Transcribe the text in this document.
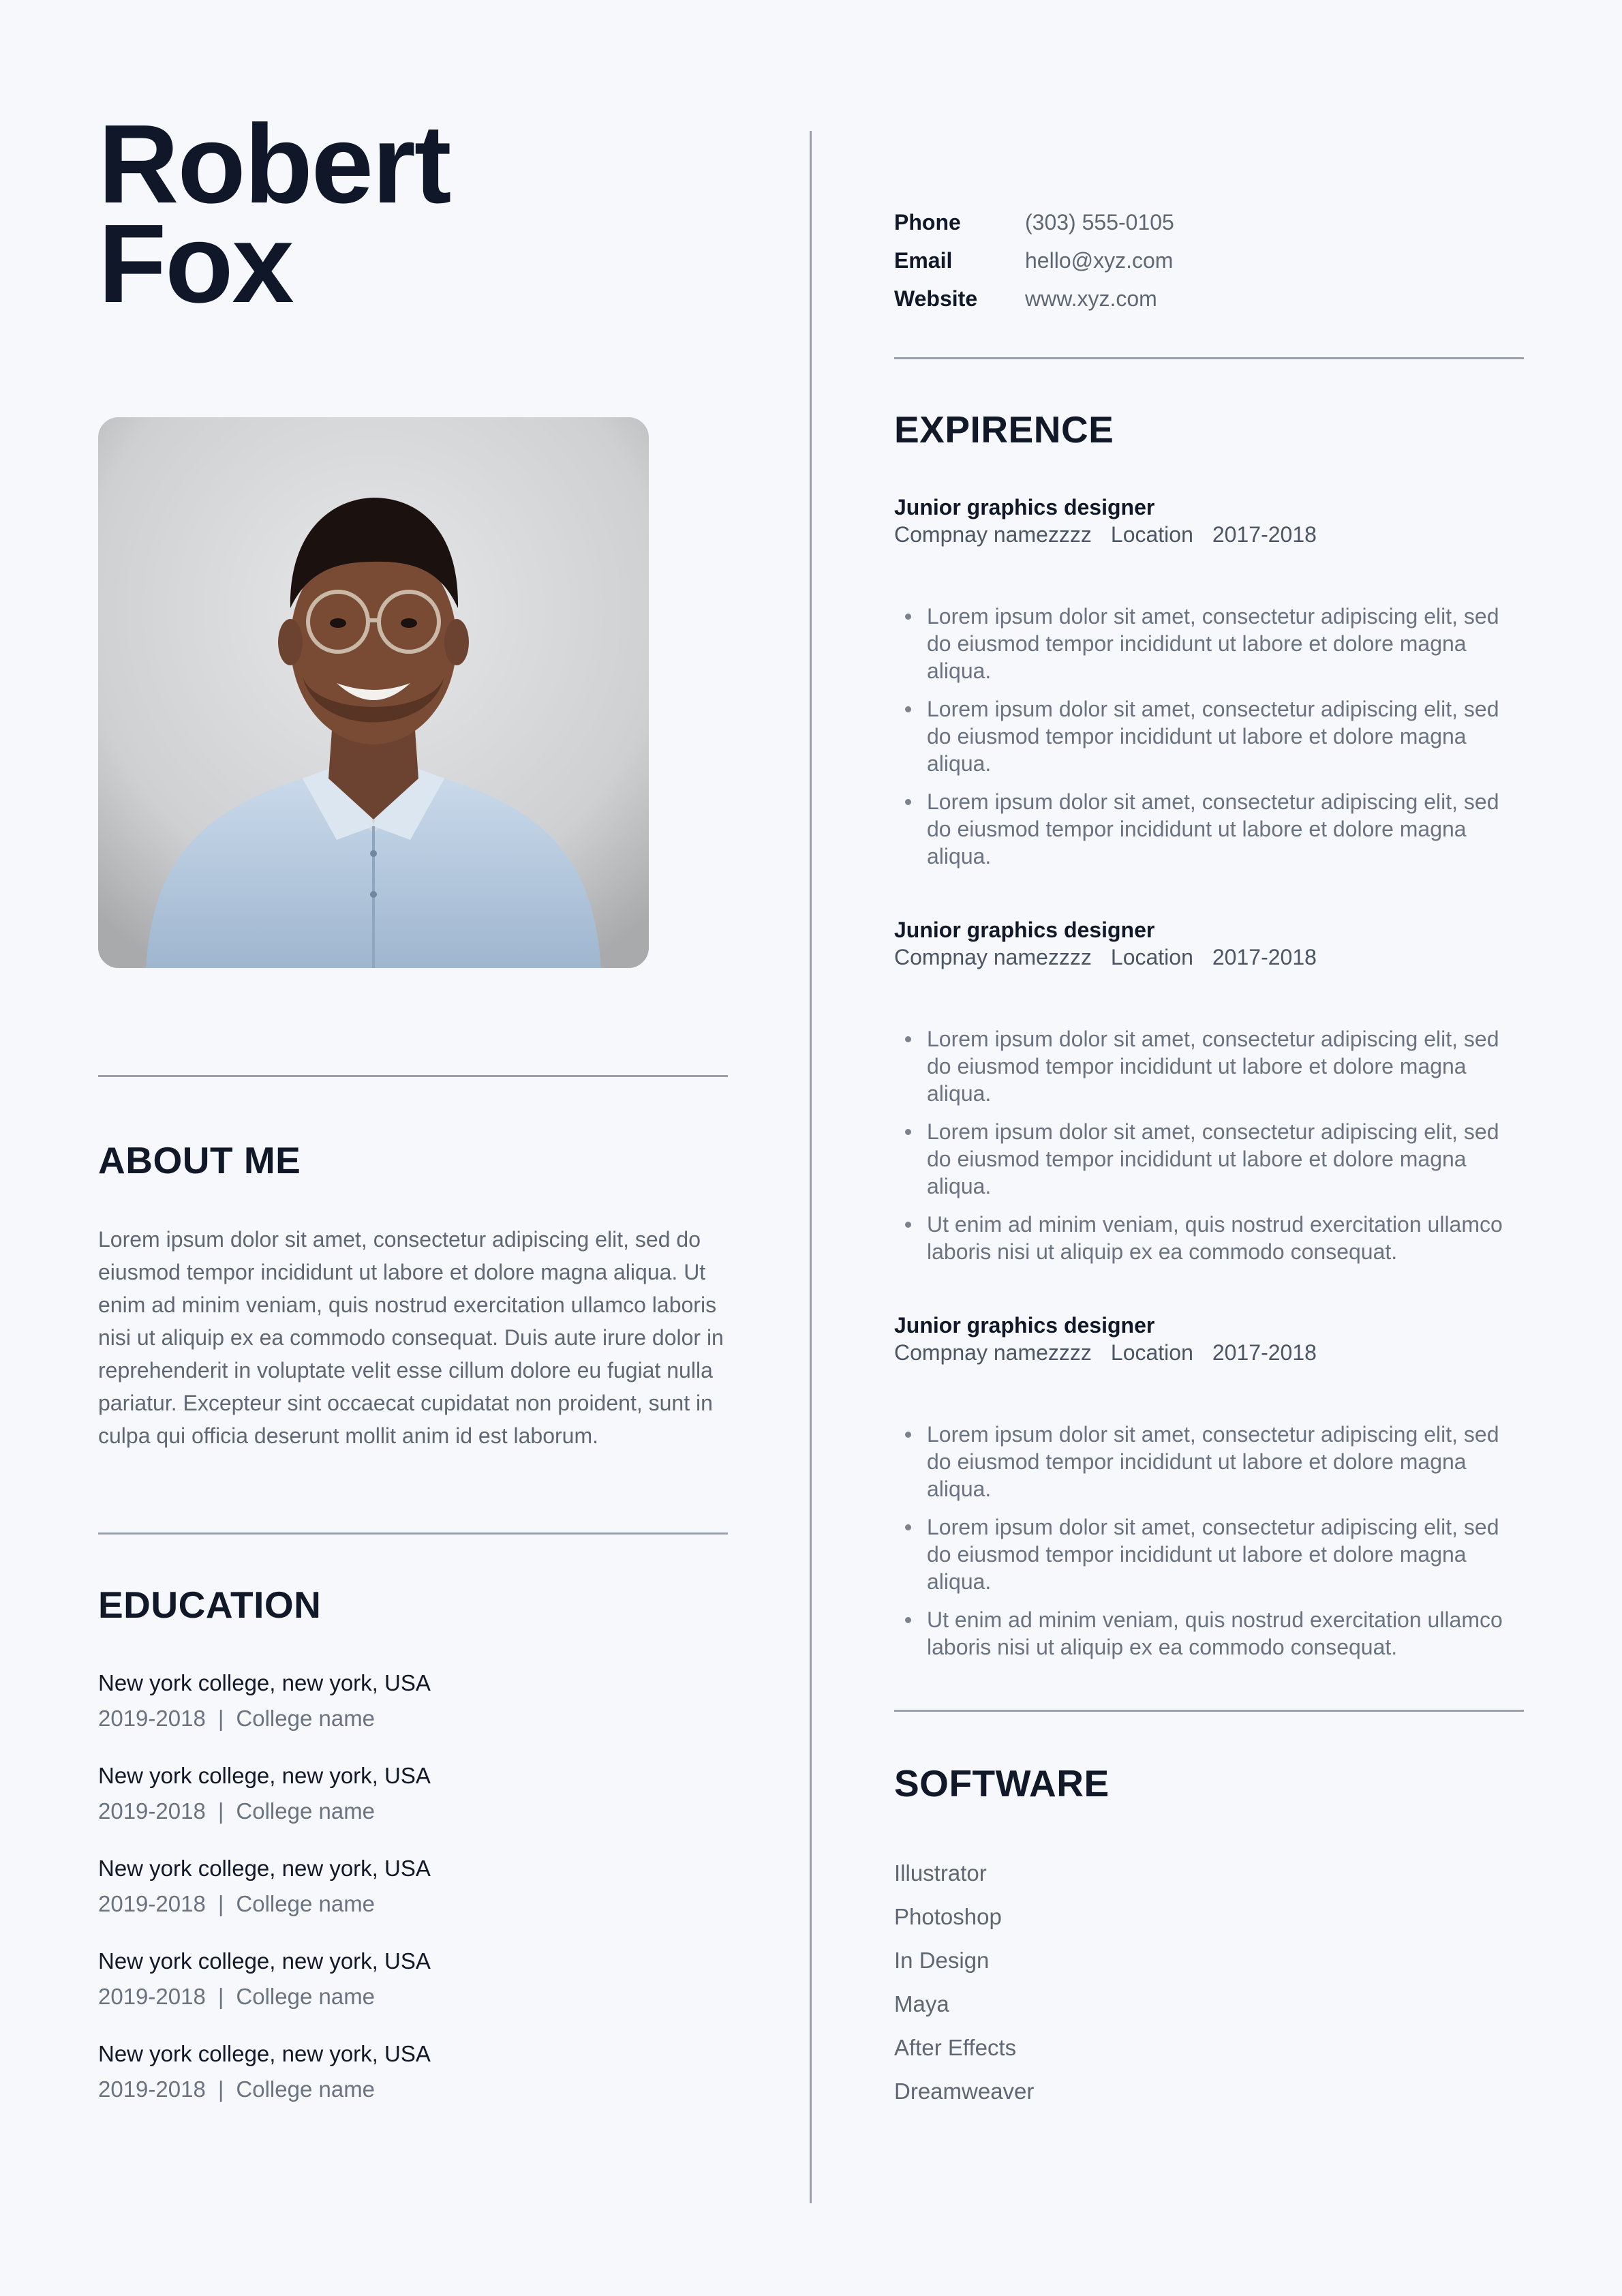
Robert
Fox
ABOUT ME

Lorem ipsum dolor sit amet, consectetur adipiscing elit, sed do eiusmod tempor incididunt ut labore et dolore magna aliqua. Ut enim ad minim veniam, quis nostrud exercitation ullamco laboris nisi ut aliquip ex ea commodo consequat. Duis aute irure dolor in reprehenderit in voluptate velit esse cillum dolore eu fugiat nulla pariatur. Excepteur sint occaecat cupidatat non proident, sunt in culpa qui officia deserunt mollit anim id est laborum.

EDUCATION
New york college, new york, USA
2019-2018 | College name
New york college, new york, USA
2019-2018 | College name
New york college, new york, USA
2019-2018 | College name
New york college, new york, USA
2019-2018 | College name
New york college, new york, USA
2019-2018 | College name
Phone	(303) 555-0105
Email	hello@xyz.com
Website www.xyz.com
EXPIRENCE
Junior graphics designer
Compnay namezzzz Location 2017-2018
Lorem ipsum dolor sit amet, consectetur adipiscing elit, sed do eiusmod tempor incididunt ut labore et dolore magna aliqua.
Lorem ipsum dolor sit amet, consectetur adipiscing elit, sed do eiusmod tempor incididunt ut labore et dolore magna aliqua.
Lorem ipsum dolor sit amet, consectetur adipiscing elit, sed do eiusmod tempor incididunt ut labore et dolore magna aliqua.
Junior graphics designer
Compnay namezzzz Location 2017-2018
Lorem ipsum dolor sit amet, consectetur adipiscing elit, sed do eiusmod tempor incididunt ut labore et dolore magna aliqua.
Lorem ipsum dolor sit amet, consectetur adipiscing elit, sed do eiusmod tempor incididunt ut labore et dolore magna aliqua.
Ut enim ad minim veniam, quis nostrud exercitation ullamco laboris nisi ut aliquip ex ea commodo consequat.
Junior graphics designer
Compnay namezzzz Location 2017-2018
Lorem ipsum dolor sit amet, consectetur adipiscing elit, sed do eiusmod tempor incididunt ut labore et dolore magna aliqua.
Lorem ipsum dolor sit amet, consectetur adipiscing elit, sed do eiusmod tempor incididunt ut labore et dolore magna aliqua.
Ut enim ad minim veniam, quis nostrud exercitation ullamco laboris nisi ut aliquip ex ea commodo consequat.
SOFTWARE
Illustrator
Photoshop
In Design
Maya
After Effects
Dreamweaver
